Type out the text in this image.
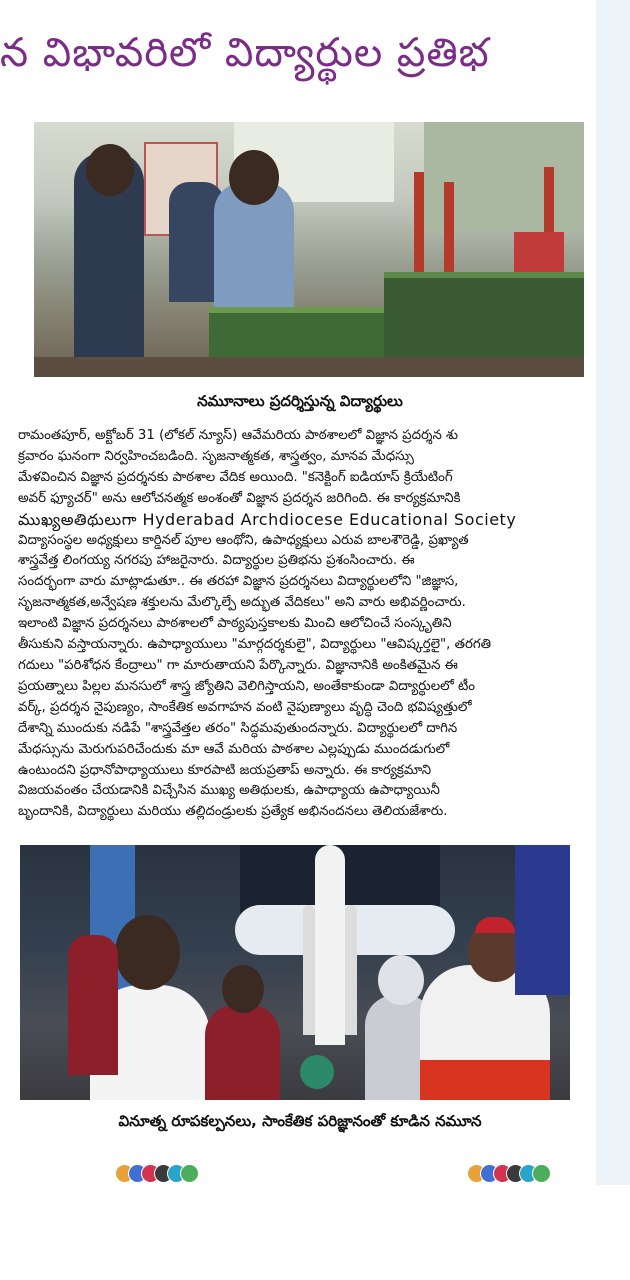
న విభావరిలో విద్యార్థుల ప్రతిభ
నమూనాలు ప్రదర్శిస్తున్న విద్యార్థులు
రామంతపూర్, అక్టోబర్ 31 (లోకల్ న్యూస్) ఆవేమరియ పాఠశాలలో విజ్ఞాన ప్రదర్శన శు
క్రవారం ఘనంగా నిర్వహించబడింది. సృజనాత్మకత, శాస్త్రత్వం, మానవ మేధస్సు
మేళవించిన విజ్ఞాన ప్రదర్శనకు పాఠశాల వేదిక అయింది. "కనెక్టింగ్ ఐడియాస్ క్రియేటింగ్
అవర్ ఫ్యూచర్" అను ఆలోచనత్మక అంశంతో విజ్ఞాన ప్రదర్శన జరిగింది. ఈ కార్యక్రమానికి
ముఖ్యఅతిథులుగా Hyderabad Archdiocese Educational Society
విద్యాసంస్థల అధ్యక్షులు కార్డినల్ పూల ఆంథోని, ఉపాధ్యక్షులు ఎరువ బాలశౌరెడ్డి, ప్రఖ్యాత
శాస్త్రవేత్త లింగయ్య నగరపు హాజరైనారు. విద్యార్థుల ప్రతిభను ప్రశంసించారు. ఈ
సందర్భంగా వారు మాట్లాడుతూ.. ఈ తరహా విజ్ఞాన ప్రదర్శనలు విద్యార్థులలోని "జిజ్ఞాస,
సృజనాత్మకత,అన్వేషణ శక్తులను మేల్కొల్పే అద్భుత వేదికలు" అని వారు అభివర్ణించారు.
ఇలాంటి విజ్ఞాన ప్రదర్శనలు పాఠశాలలో పాఠ్యపుస్తకాలకు మించి ఆలోచించే సంస్కృతిని
తీసుకుని వస్తాయన్నారు. ఉపాధ్యాయులు "మార్గదర్శకులై", విద్యార్థులు "ఆవిష్కర్తలై", తరగతి
గదులు "పరిశోధన కేంద్రాలు" గా మారుతాయని పేర్కొన్నారు. విజ్ఞానానికి అంకితమైన ఈ
ప్రయత్నాలు పిల్లల మనసులో శాస్త్ర జ్యోతిని వెలిగిస్తాయని, అంతేకాకుండా విద్యార్థులలో టీం
వర్క్, ప్రదర్శన నైపుణ్యం, సాంకేతిక అవగాహన వంటి నైపుణ్యాలు వృద్ధి చెంది భవిష్యత్తులో
దేశాన్ని ముందుకు నడిపే "శాస్త్రవేత్తల తరం" సిద్ధమవుతుందన్నారు. విద్యార్థులలో దాగిన
మేధస్సును మెరుగుపరిచేందుకు మా ఆవే మరియ పాఠశాల ఎల్లప్పుడు ముందడుగులో
ఉంటుందని ప్రధానోపాధ్యాయులు కూరపాటి జయప్రతాప్ అన్నారు. ఈ కార్యక్రమాని
విజయవంతం చేయడానికి విచ్చేసిన ముఖ్య అతిథులకు, ఉపాధ్యాయ ఉపాధ్యాయినీ
బృందానికి, విద్యార్థులు మరియు తల్లిదండ్రులకు ప్రత్యేక అభినందనలు తెలియజేశారు.
వినూత్న రూపకల్పనలు, సాంకేతిక పరిజ్ఞానంతో కూడిన నమూన
